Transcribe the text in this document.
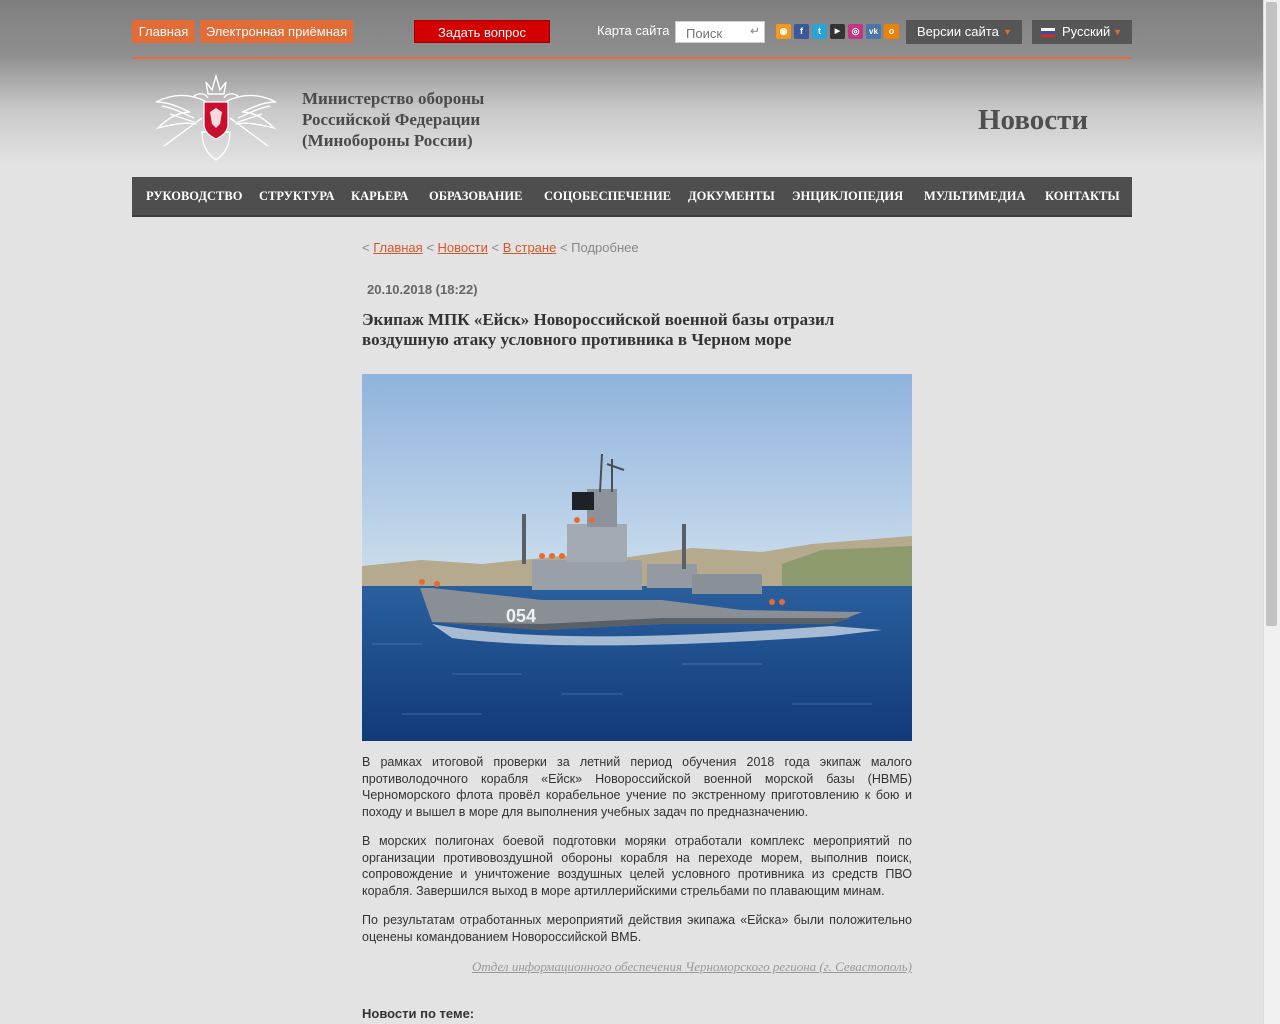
Главная	Электронная приёмная	Задать вопрос	Карта сайта
Поиск	↵	◉	f	t	▶	◎	vk	о	Версии сайта ▼	Русский ▼
Министерство обороны
Российской Федерации
(Минобороны России)
Новости
РУКОВОДСТВО СТРУКТУРА КАРЬЕРА ОБРАЗОВАНИЕ СОЦОБЕСПЕЧЕНИЕ ДОКУМЕНТЫ ЭНЦИКЛОПЕДИЯ МУЛЬТИМЕДИА КОНТАКТЫ
< Главная < Новости < В стране < Подробнее
20.10.2018 (18:22)
Экипаж МПК «Ейск» Новороссийской военной базы отразил воздушную атаку условного противника в Черном море
054
В рамках итоговой проверки за летний период обучения 2018 года экипаж малого противолодочного корабля «Ейск» Новороссийской военной морской базы (НВМБ) Черноморского флота провёл корабельное учение по экстренному приготовлению к бою и походу и вышел в море для выполнения учебных задач по предназначению.
В морских полигонах боевой подготовки моряки отработали комплекс мероприятий по организации противовоздушной обороны корабля на переходе морем, выполнив поиск, сопровождение и уничтожение воздушных целей условного противника из средств ПВО корабля. Завершился выход в море артиллерийскими стрельбами по плавающим минам.
По результатам отработанных мероприятий действия экипажа «Ейска» были положительно оценены командованием Новороссийской ВМБ.
Отдел информационного обеспечения Черноморского региона (г. Севастополь)
Новости по теме:
